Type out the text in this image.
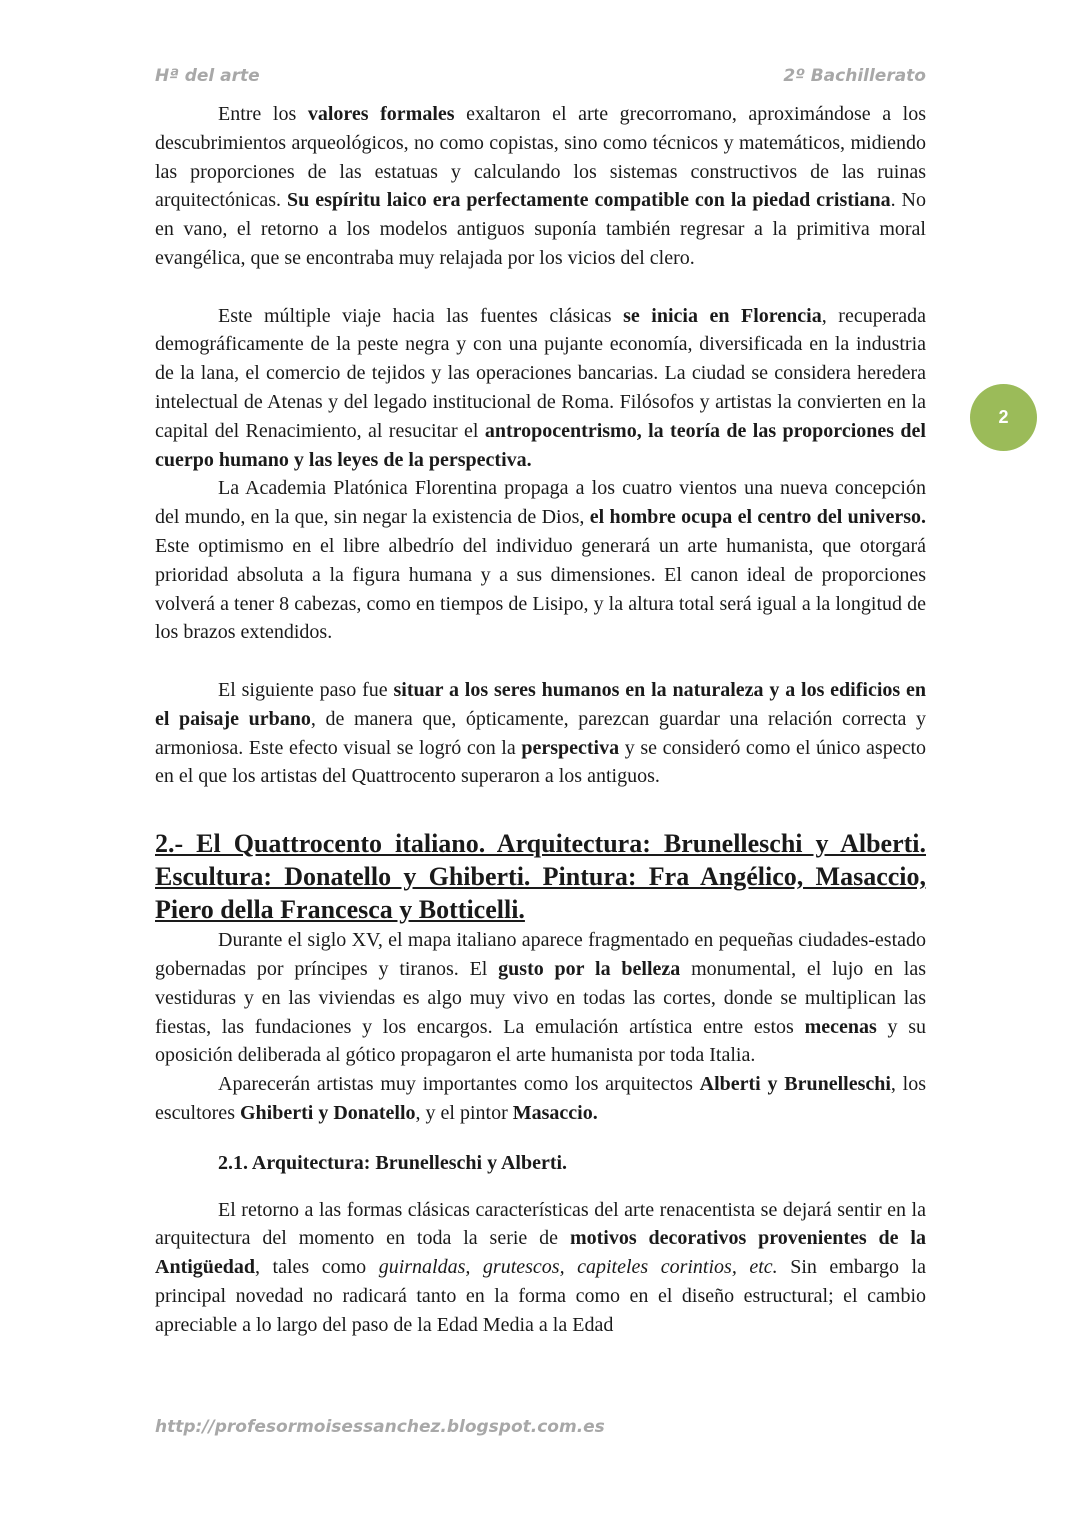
Hª del arte	2º Bachillerato
2

Entre los valores formales exaltaron el arte grecorromano, aproximándose a los descubrimientos arqueológicos, no como copistas, sino como técnicos y matemáticos, midiendo las proporciones de las estatuas y calculando los sistemas constructivos de las ruinas arquitectónicas. Su espíritu laico era perfectamente compatible con la piedad cristiana. No en vano, el retorno a los modelos antiguos suponía también regresar a la primitiva moral evangélica, que se encontraba muy relajada por los vicios del clero.

Este múltiple viaje hacia las fuentes clásicas se inicia en Florencia, recuperada demográficamente de la peste negra y con una pujante economía, diversificada en la industria de la lana, el comercio de tejidos y las operaciones bancarias. La ciudad se considera heredera intelectual de Atenas y del legado institucional de Roma. Filósofos y artistas la convierten en la capital del Renacimiento, al resucitar el antropocentrismo, la teoría de las proporciones del cuerpo humano y las leyes de la perspectiva.

La Academia Platónica Florentina propaga a los cuatro vientos una nueva concepción del mundo, en la que, sin negar la existencia de Dios, el hombre ocupa el centro del universo. Este optimismo en el libre albedrío del individuo generará un arte humanista, que otorgará prioridad absoluta a la figura humana y a sus dimensiones. El canon ideal de proporciones volverá a tener 8 cabezas, como en tiempos de Lisipo, y la altura total será igual a la longitud de los brazos extendidos.

El siguiente paso fue situar a los seres humanos en la naturaleza y a los edificios en el paisaje urbano, de manera que, ópticamente, parezcan guardar una relación correcta y armoniosa. Este efecto visual se logró con la perspectiva y se consideró como el único aspecto en el que los artistas del Quattrocento superaron a los antiguos.

2.- El Quattrocento italiano. Arquitectura: Brunelleschi y Alberti. Escultura: Donatello y Ghiberti. Pintura: Fra Angélico, Masaccio, Piero della Francesca y Botticelli.

Durante el siglo XV, el mapa italiano aparece fragmentado en pequeñas ciudades-estado gobernadas por príncipes y tiranos. El gusto por la belleza monumental, el lujo en las vestiduras y en las viviendas es algo muy vivo en todas las cortes, donde se multiplican las fiestas, las fundaciones y los encargos. La emulación artística entre estos mecenas y su oposición deliberada al gótico propagaron el arte humanista por toda Italia.

Aparecerán artistas muy importantes como los arquitectos Alberti y Brunelleschi, los escultores Ghiberti y Donatello, y el pintor Masaccio.

2.1. Arquitectura: Brunelleschi y Alberti.

El retorno a las formas clásicas características del arte renacentista se dejará sentir en la arquitectura del momento en toda la serie de motivos decorativos provenientes de la Antigüedad, tales como guirnaldas, grutescos, capiteles corintios, etc. Sin embargo la principal novedad no radicará tanto en la forma como en el diseño estructural; el cambio apreciable a lo largo del paso de la Edad Media a la Edad

http://profesormoisessanchez.blogspot.com.es
